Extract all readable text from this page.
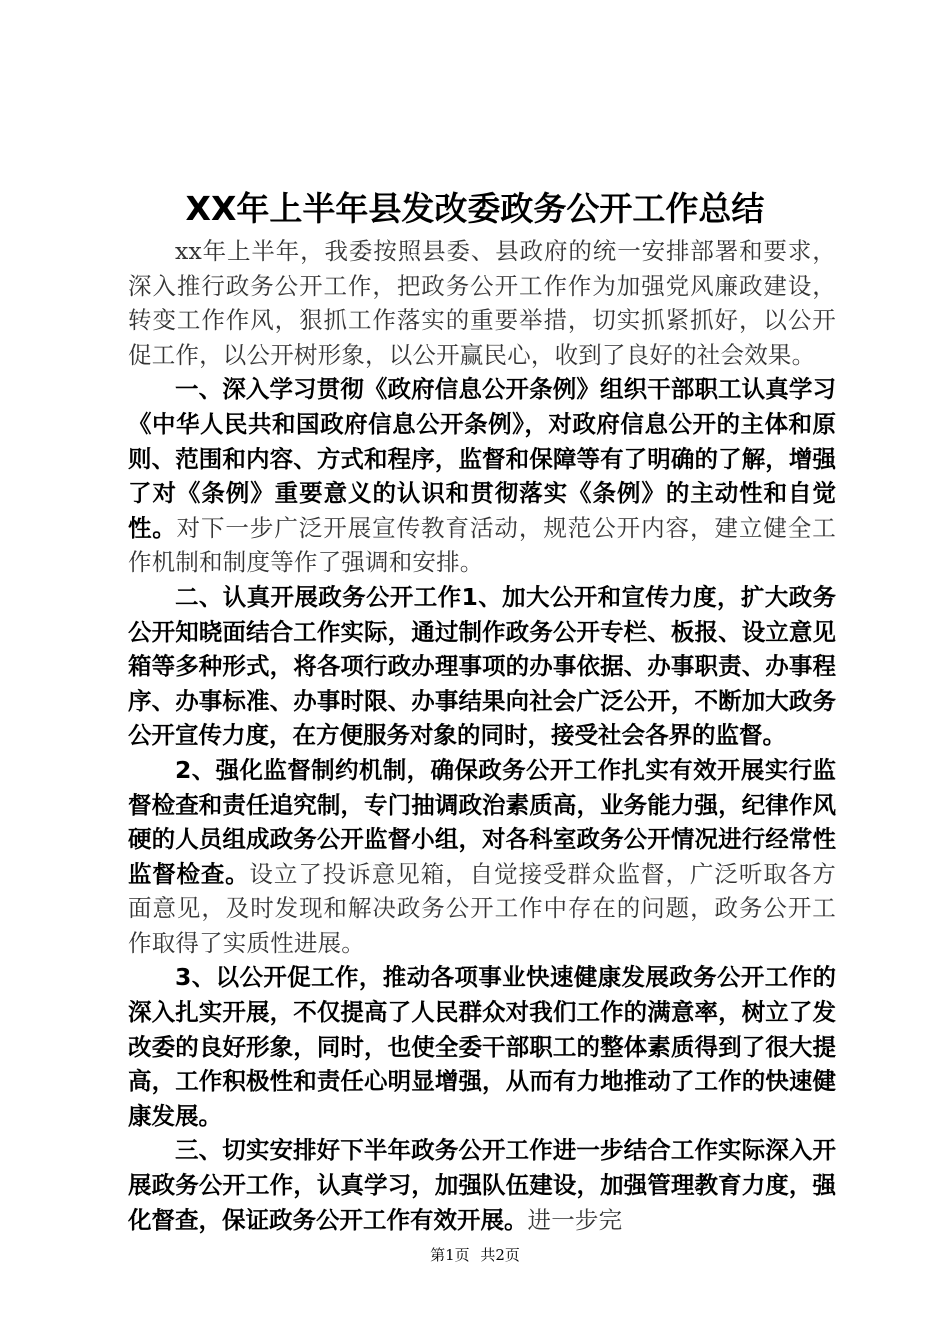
XX年上半年县发改委政务公开工作总结

xx年上半年，我委按照县委、县政府的统一安排部署和要求，深入推行政务公开工作，把政务公开工作作为加强党风廉政建设，转变工作作风，狠抓工作落实的重要举措，切实抓紧抓好，以公开促工作，以公开树形象，以公开赢民心，收到了良好的社会效果。

一、深入学习贯彻《政府信息公开条例》组织干部职工认真学习《中华人民共和国政府信息公开条例》，对政府信息公开的主体和原则、范围和内容、方式和程序，监督和保障等有了明确的了解，增强了对《条例》重要意义的认识和贯彻落实《条例》的主动性和自觉性。对下一步广泛开展宣传教育活动，规范公开内容，建立健全工作机制和制度等作了强调和安排。

二、认真开展政务公开工作1、加大公开和宣传力度，扩大政务公开知晓面结合工作实际，通过制作政务公开专栏、板报、设立意见箱等多种形式，将各项行政办理事项的办事依据、办事职责、办事程序、办事标准、办事时限、办事结果向社会广泛公开，不断加大政务公开宣传力度，在方便服务对象的同时，接受社会各界的监督。

2、强化监督制约机制，确保政务公开工作扎实有效开展实行监督检查和责任追究制，专门抽调政治素质高，业务能力强，纪律作风硬的人员组成政务公开监督小组，对各科室政务公开情况进行经常性监督检查。设立了投诉意见箱，自觉接受群众监督，广泛听取各方面意见，及时发现和解决政务公开工作中存在的问题，政务公开工作取得了实质性进展。

3、以公开促工作，推动各项事业快速健康发展政务公开工作的深入扎实开展，不仅提高了人民群众对我们工作的满意率，树立了发改委的良好形象，同时，也使全委干部职工的整体素质得到了很大提高，工作积极性和责任心明显增强，从而有力地推动了工作的快速健康发展。

三、切实安排好下半年政务公开工作进一步结合工作实际深入开展政务公开工作，认真学习，加强队伍建设，加强管理教育力度，强化督查，保证政务公开工作有效开展。进一步完

第1页 共2页
